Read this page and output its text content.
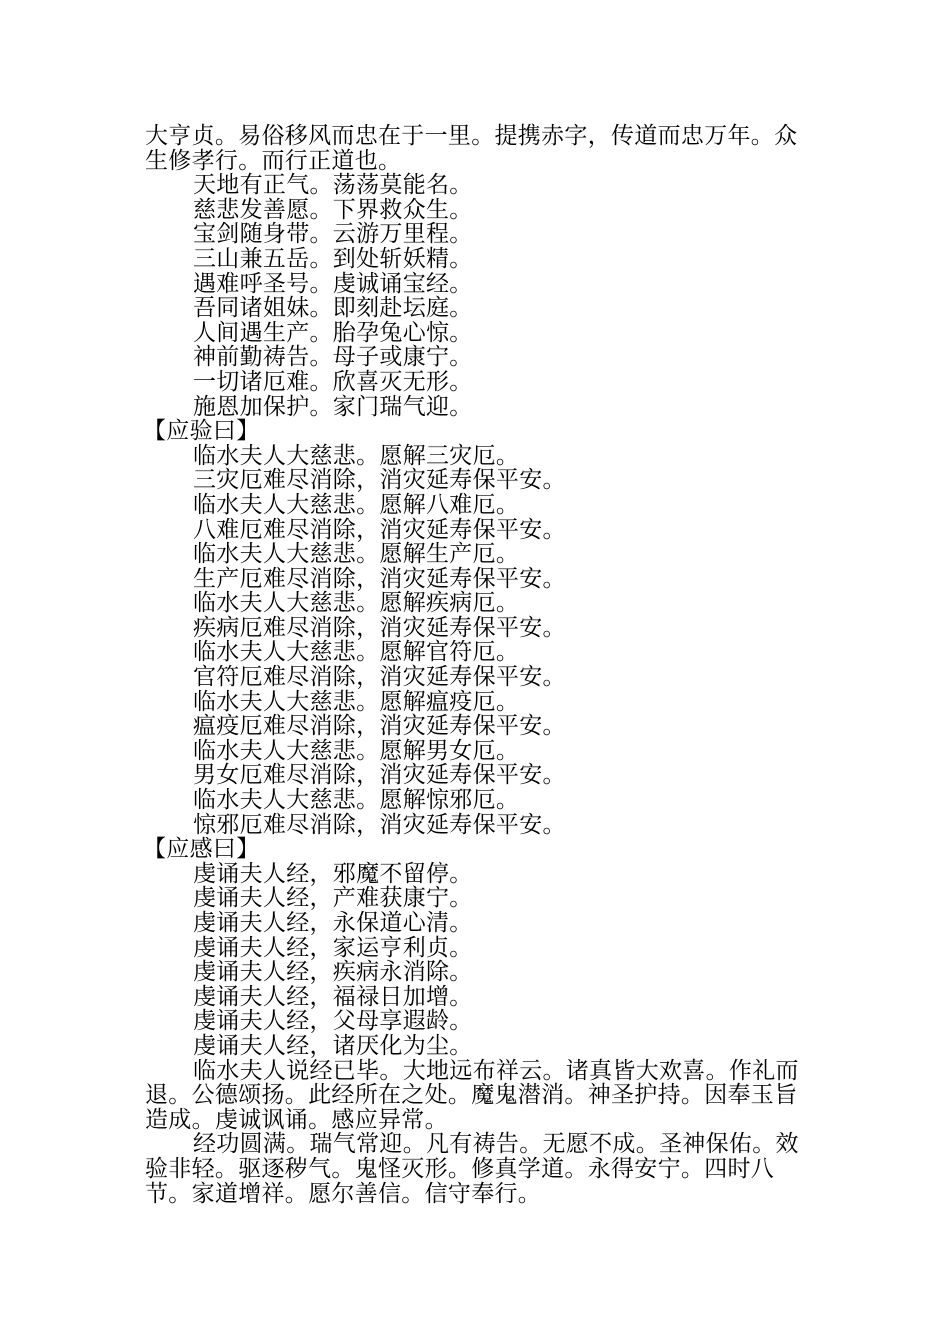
大亨贞。易俗移风而忠在于一里。提携赤字，传道而忠万年。众生修孝行。而行正道也。

天地有正气。荡荡莫能名。

慈悲发善愿。下界救众生。

宝剑随身带。云游万里程。

三山兼五岳。到处斩妖精。

遇难呼圣号。虔诚诵宝经。

吾同诸姐妹。即刻赴坛庭。

人间遇生产。胎孕兔心惊。

神前勤祷告。母子或康宁。

一切诸厄难。欣喜灭无形。

施恩加保护。家门瑞气迎。

【应验曰】

临水夫人大慈悲。愿解三灾厄。

三灾厄难尽消除，消灾延寿保平安。

临水夫人大慈悲。愿解八难厄。

八难厄难尽消除，消灾延寿保平安。

临水夫人大慈悲。愿解生产厄。

生产厄难尽消除，消灾延寿保平安。

临水夫人大慈悲。愿解疾病厄。

疾病厄难尽消除，消灾延寿保平安。

临水夫人大慈悲。愿解官符厄。

官符厄难尽消除，消灾延寿保平安。

临水夫人大慈悲。愿解瘟疫厄。

瘟疫厄难尽消除，消灾延寿保平安。

临水夫人大慈悲。愿解男女厄。

男女厄难尽消除，消灾延寿保平安。

临水夫人大慈悲。愿解惊邪厄。

惊邪厄难尽消除，消灾延寿保平安。

【应感曰】

虔诵夫人经，邪魔不留停。

虔诵夫人经，产难获康宁。

虔诵夫人经，永保道心清。

虔诵夫人经，家运亨利贞。

虔诵夫人经，疾病永消除。

虔诵夫人经，福禄日加增。

虔诵夫人经，父母享遐龄。

虔诵夫人经，诸厌化为尘。

临水夫人说经已毕。大地远布祥云。诸真皆大欢喜。作礼而退。公德颂扬。此经所在之处。魔鬼潜消。神圣护持。因奉玉旨造成。虔诚讽诵。感应异常。

经功圆满。瑞气常迎。凡有祷告。无愿不成。圣神保佑。效验非轻。驱逐秽气。鬼怪灭形。修真学道。永得安宁。四时八节。家道增祥。愿尔善信。信守奉行。
